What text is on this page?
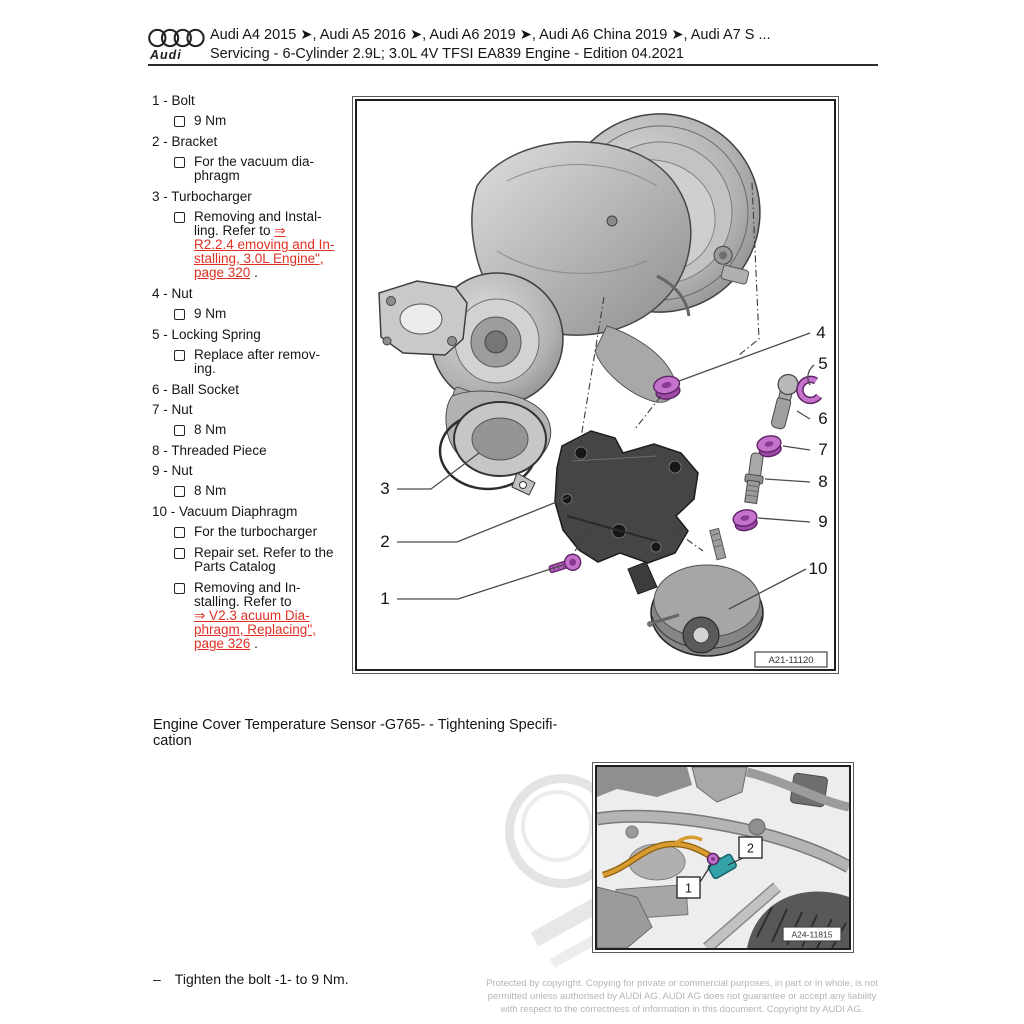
Audi
Audi A4 2015 ➤, Audi A5 2016 ➤, Audi A6 2019 ➤, Audi A6 China 2019 ➤, Audi A7 S ...
Servicing - 6-Cylinder 2.9L; 3.0L 4V TFSI EA839 Engine - Edition 04.2021
1 - Bolt
9 Nm
2 - Bracket
For the vacuum dia-
phragm
3 - Turbocharger
Removing and Instal-
ling. Refer to ⇒
R2.2.4 emoving and In-
stalling, 3.0L Engine",
page 320 .
4 - Nut
9 Nm
5 - Locking Spring
Replace after remov-
ing.
6 - Ball Socket
7 - Nut
8 Nm
8 - Threaded Piece
9 - Nut
8 Nm
10 - Vacuum Diaphragm
For the turbocharger
Repair set. Refer to the
Parts Catalog
Removing and In-
stalling. Refer to
⇒ V2.3 acuum Dia-
phragm, Replacing",
page 326 .
1
2
3
4
5
6
7
8
9
10
A21-11120
Engine Cover Temperature Sensor -G765- - Tightening Specifi-
cation
1
2
A24-11815
– Tighten the bolt -1- to 9 Nm.	Protected by copyright. Copying for private or commercial purposes, in part or in whole, is not
permitted unless authorised by AUDI AG. AUDI AG does not guarantee or accept any liability
with respect to the correctness of information in this document. Copyright by AUDI AG.
